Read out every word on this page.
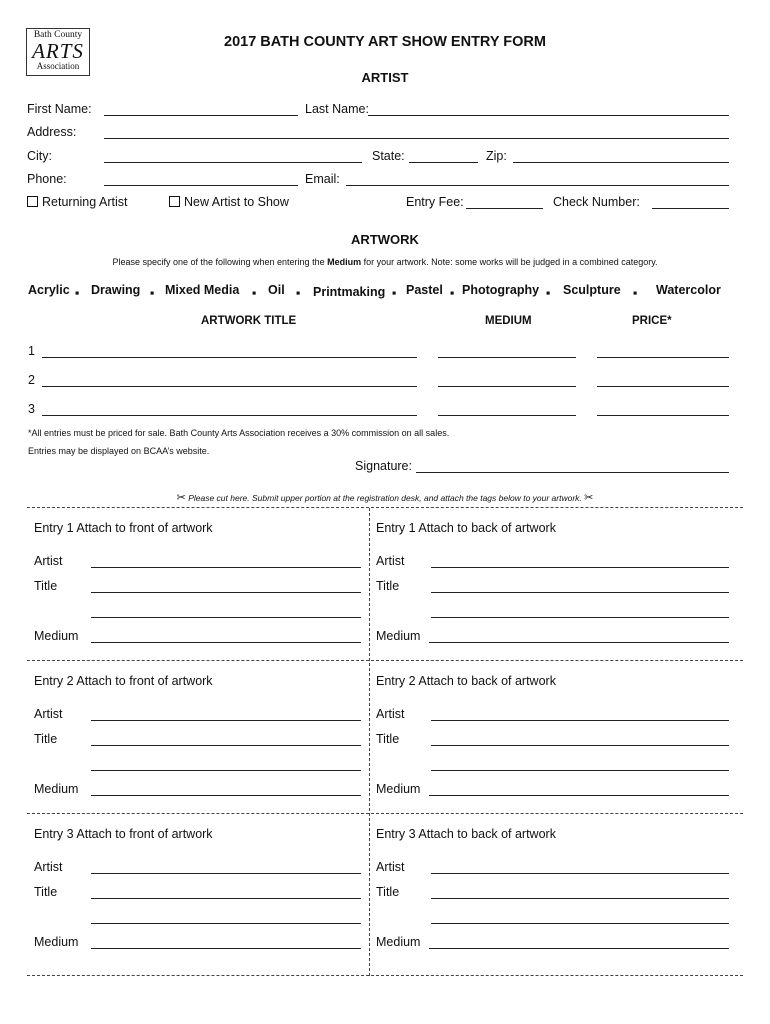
Bath County
ARTS
Association
2017 BATH COUNTY ART SHOW ENTRY FORM
ARTIST
First Name:	Last Name:
Address:
City:	State:	Zip:
Phone:	Email:
Returning Artist	New Artist to Show	Entry Fee:	Check Number:
ARTWORK
Please specify one of the following when entering the Medium for your artwork. Note: some works will be judged in a combined category.
Acrylic ▪ Drawing ▪ Mixed Media ▪ Oil ▪ Printmaking ▪ Pastel ▪ Photography ▪ Sculpture ▪ Watercolor
ARTWORK TITLE	MEDIUM	PRICE*
1
2
3
*All entries must be priced for sale. Bath County Arts Association receives a 30% commission on all sales.
Entries may be displayed on BCAA’s website.
Signature:
✂ Please cut here. Submit upper portion at the registration desk, and attach the tags below to your artwork. ✂
Entry 1 Attach to front of artwork	Entry 1 Attach to back of artwork
Artist	Artist
Title	Title
Medium	Medium
Entry 2 Attach to front of artwork	Entry 2 Attach to back of artwork
Artist	Artist
Title	Title
Medium	Medium
Entry 3 Attach to front of artwork	Entry 3 Attach to back of artwork
Artist	Artist
Title	Title
Medium	Medium
